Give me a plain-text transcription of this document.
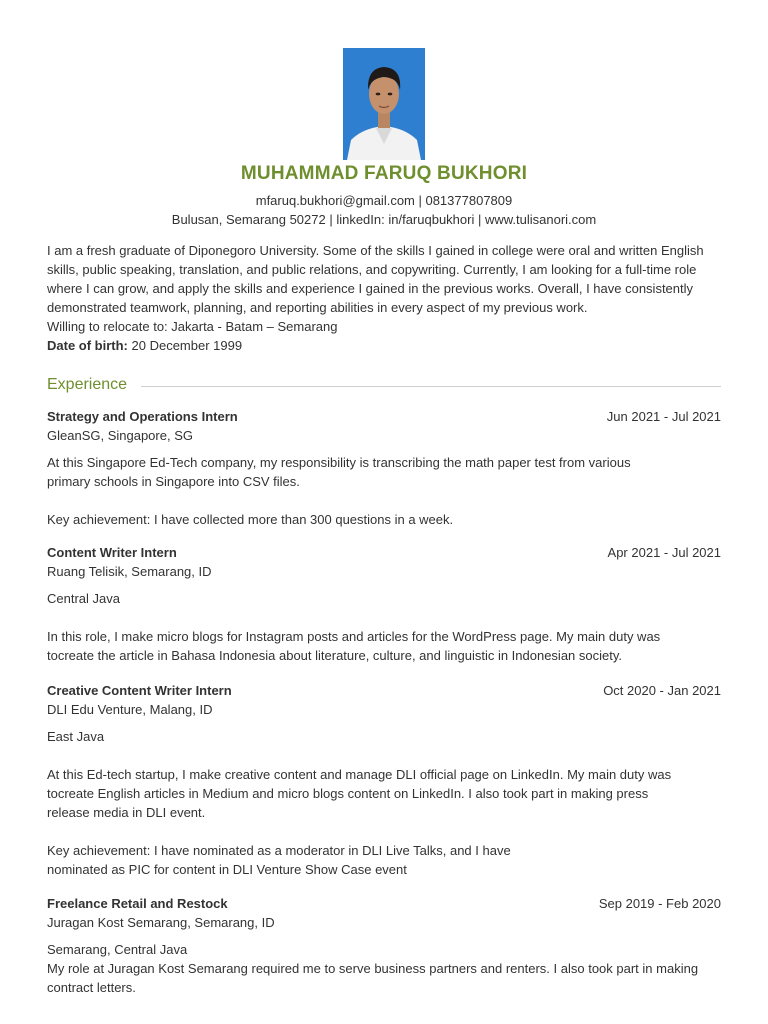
MUHAMMAD FARUQ BUKHORI
mfaruq.bukhori@gmail.com | 081377807809
Bulusan, Semarang 50272 | linkedIn: in/faruqbukhori | www.tulisanori.com

I am a fresh graduate of Diponegoro University. Some of the skills I gained in college were oral and written English skills, public speaking, translation, and public relations, and copywriting. Currently, I am looking for a full-time role where I can grow, and apply the skills and experience I gained in the previous works. Overall, I have consistently demonstrated teamwork, planning, and reporting abilities in every aspect of my previous work.

Willing to relocate to: Jakarta - Batam – Semarang

Date of birth: 20 December 1999

Experience
Strategy and Operations Intern	Jun 2021 - Jul 2021

GleanSG, Singapore, SG

At this Singapore Ed-Tech company, my responsibility is transcribing the math paper test from various

primary schools in Singapore into CSV files.

Key achievement: I have collected more than 300 questions in a week.

Content Writer Intern	Apr 2021 - Jul 2021

Ruang Telisik, Semarang, ID

Central Java

In this role, I make micro blogs for Instagram posts and articles for the WordPress page. My main duty was

tocreate the article in Bahasa Indonesia about literature, culture, and linguistic in Indonesian society.

Creative Content Writer Intern	Oct 2020 - Jan 2021

DLI Edu Venture, Malang, ID

East Java

At this Ed-tech startup, I make creative content and manage DLI official page on LinkedIn. My main duty was

tocreate English articles in Medium and micro blogs content on LinkedIn. I also took part in making press

release media in DLI event.

Key achievement: I have nominated as a moderator in DLI Live Talks, and I have

nominated as PIC for content in DLI Venture Show Case event

Freelance Retail and Restock	Sep 2019 - Feb 2020

Juragan Kost Semarang, Semarang, ID

Semarang, Central Java

My role at Juragan Kost Semarang required me to serve business partners and renters. I also took part in making

contract letters.
